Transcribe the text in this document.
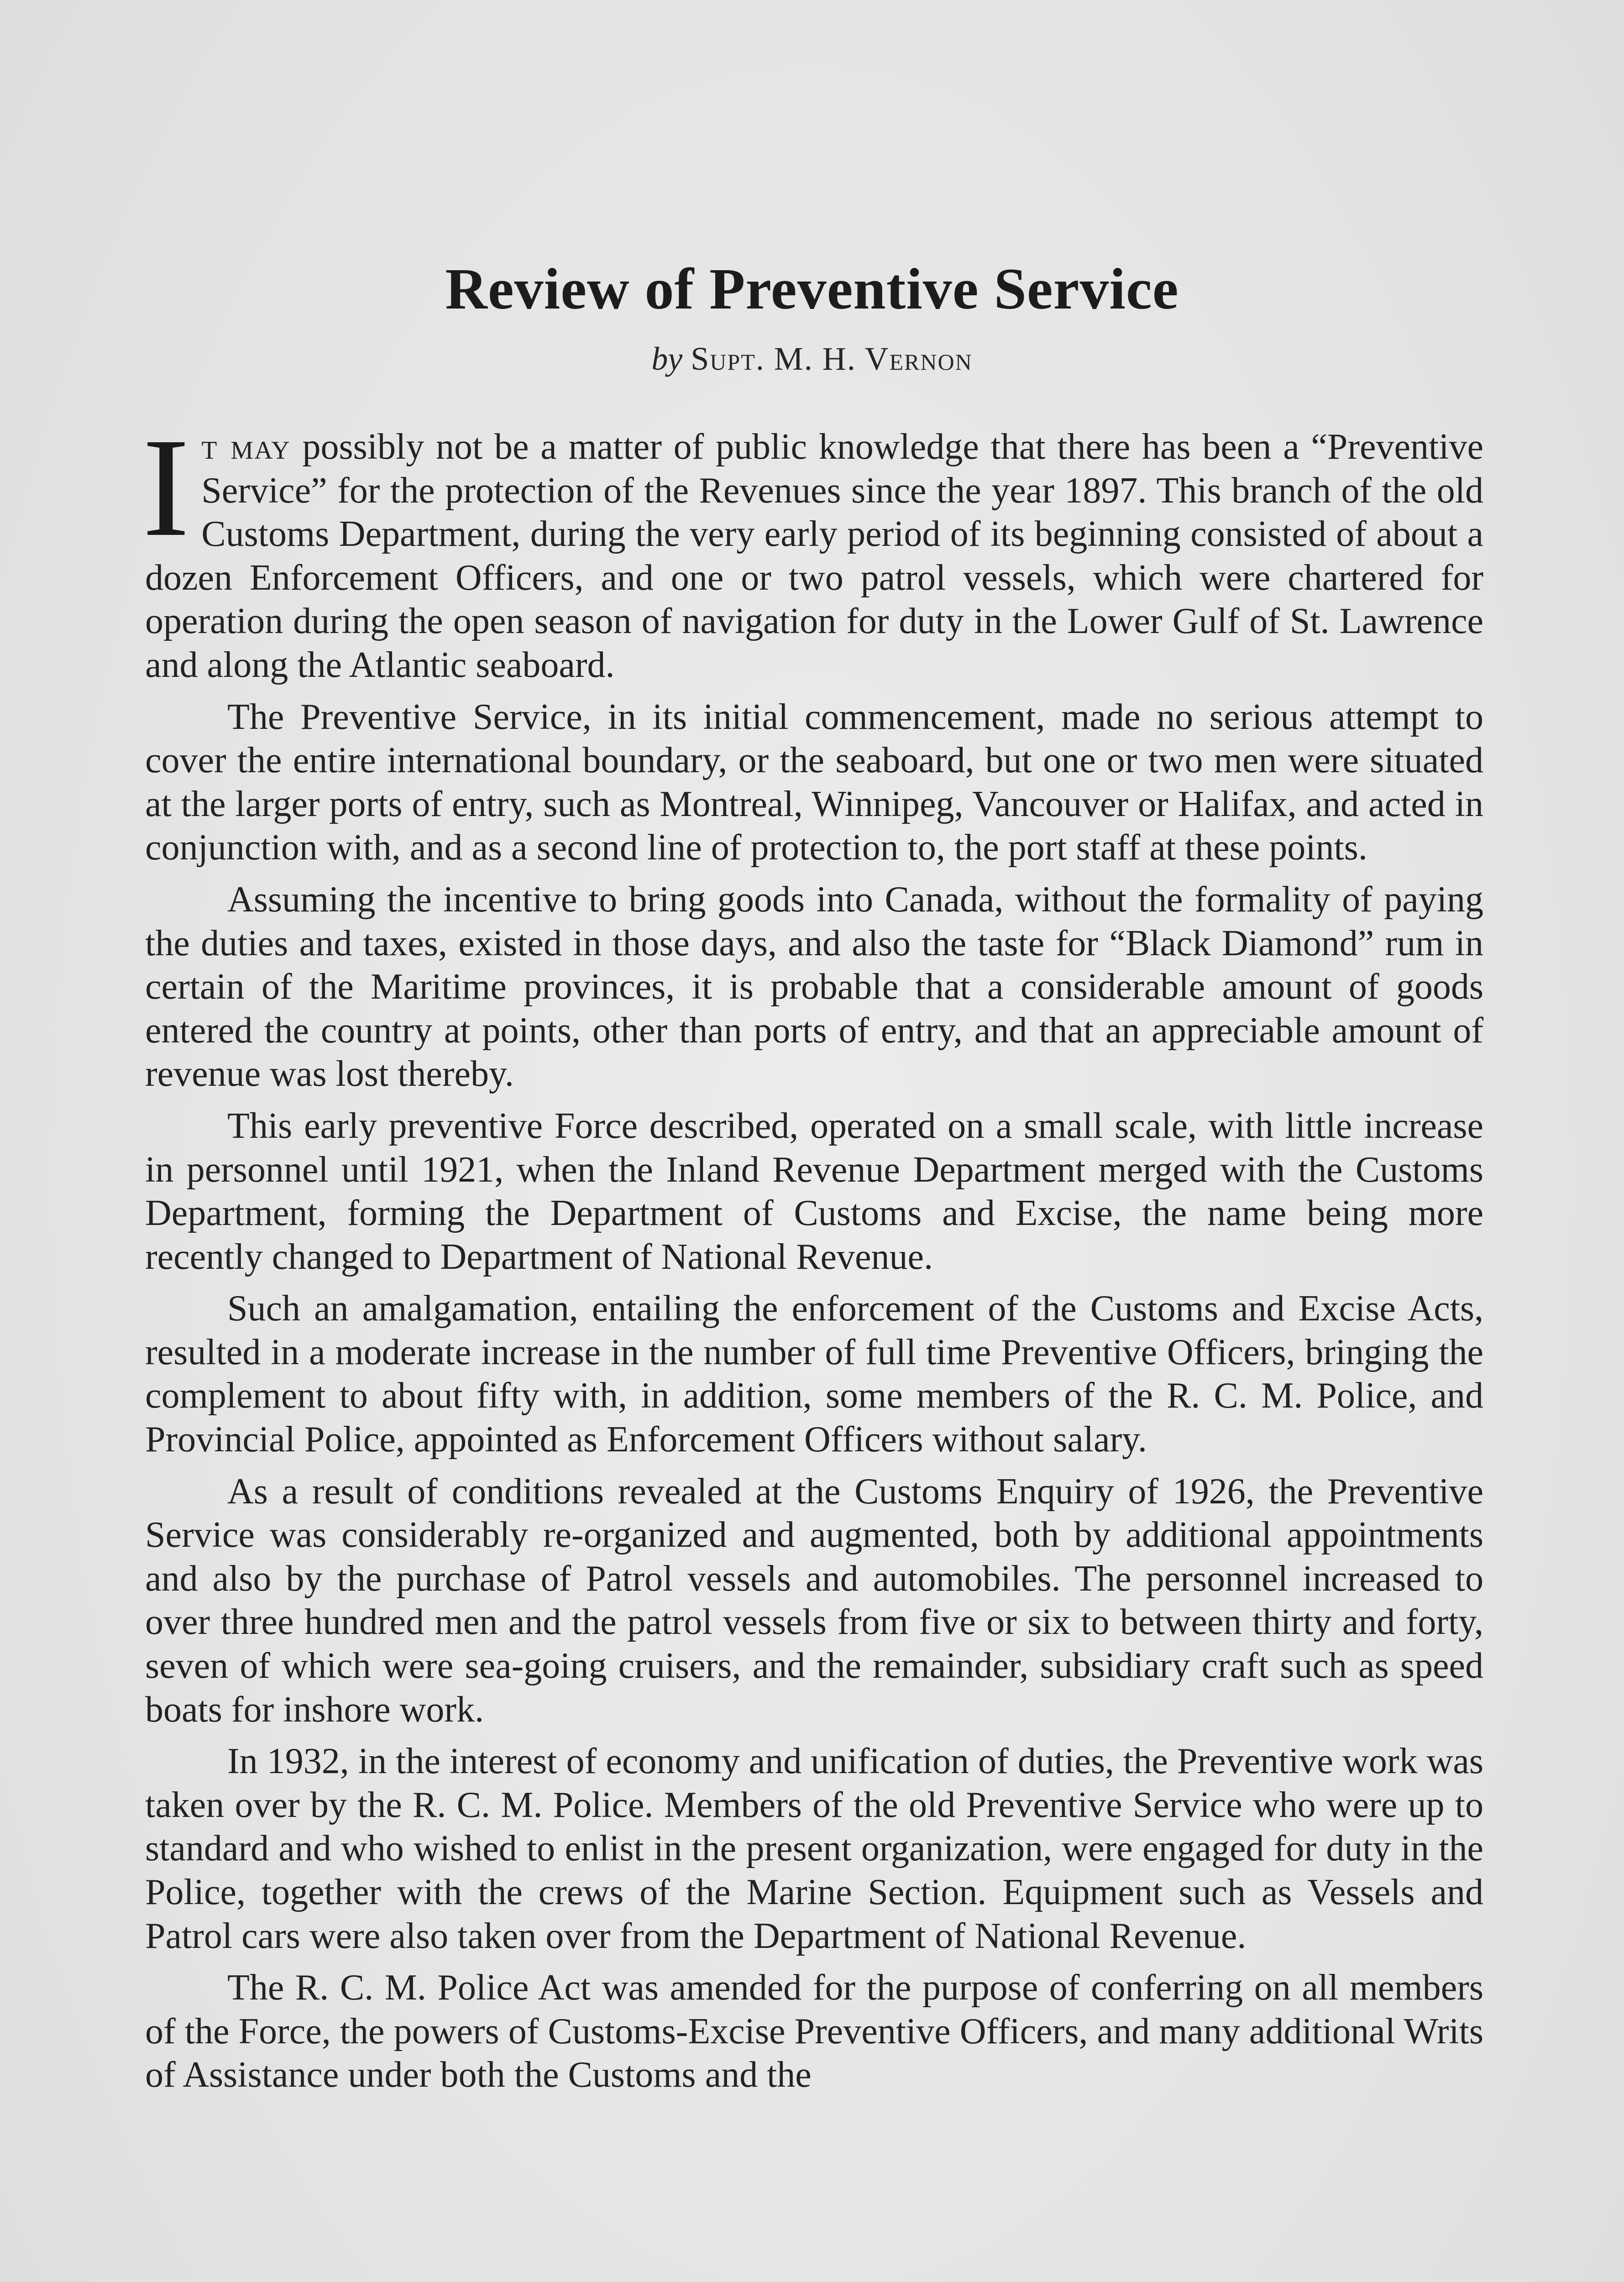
Review of Preventive Service
by Supt. M. H. Vernon

It may possibly not be a matter of public knowledge that there has been a “Preventive Service” for the protection of the Revenues since the year 1897. This branch of the old Customs Department, during the very early period of its beginning consisted of about a dozen Enforcement Officers, and one or two patrol vessels, which were chartered for operation during the open season of navigation for duty in the Lower Gulf of St. Lawrence and along the Atlantic seaboard.

The Preventive Service, in its initial commencement, made no serious attempt to cover the entire international boundary, or the seaboard, but one or two men were situated at the larger ports of entry, such as Montreal, Winnipeg, Vancouver or Halifax, and acted in conjunction with, and as a second line of protection to, the port staff at these points.

Assuming the incentive to bring goods into Canada, without the formality of paying the duties and taxes, existed in those days, and also the taste for “Black Diamond” rum in certain of the Maritime provinces, it is probable that a considerable amount of goods entered the country at points, other than ports of entry, and that an appreciable amount of revenue was lost thereby.

This early preventive Force described, operated on a small scale, with little increase in personnel until 1921, when the Inland Revenue Department merged with the Customs Department, forming the Department of Customs and Excise, the name being more recently changed to Department of National Revenue.

Such an amalgamation, entailing the enforcement of the Customs and Excise Acts, resulted in a moderate increase in the number of full time Preventive Officers, bringing the complement to about fifty with, in addition, some members of the R. C. M. Police, and Provincial Police, appointed as Enforcement Officers without salary.

As a result of conditions revealed at the Customs Enquiry of 1926, the Preventive Service was considerably re-organized and augmented, both by additional appointments and also by the purchase of Patrol vessels and automobiles. The personnel increased to over three hundred men and the patrol vessels from five or six to between thirty and forty, seven of which were sea-going cruisers, and the remainder, subsidiary craft such as speed boats for inshore work.

In 1932, in the interest of economy and unification of duties, the Preventive work was taken over by the R. C. M. Police. Members of the old Preventive Service who were up to standard and who wished to enlist in the present organization, were engaged for duty in the Police, together with the crews of the Marine Section. Equipment such as Vessels and Patrol cars were also taken over from the Department of National Revenue.

The R. C. M. Police Act was amended for the purpose of conferring on all members of the Force, the powers of Customs-Excise Preventive Officers, and many additional Writs of Assistance under both the Customs and the
